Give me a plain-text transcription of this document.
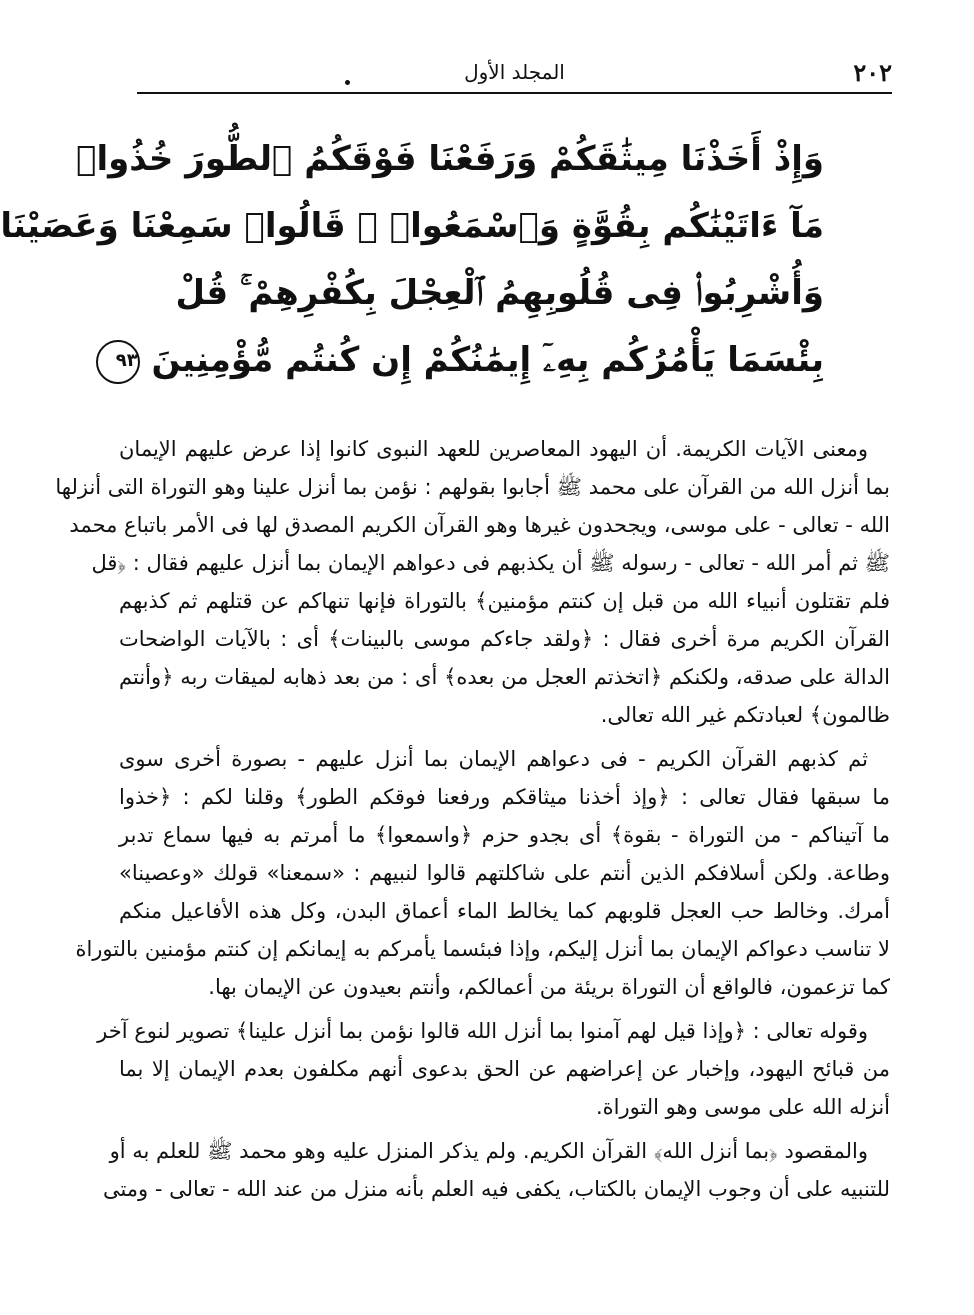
٢٠٢
المجلد الأول
وَإِذْ أَخَذْنَا مِيثَٰقَكُمْ وَرَفَعْنَا فَوْقَكُمُ ٱلطُّورَ خُذُوا۟
مَآ ءَاتَيْنَٰكُم بِقُوَّةٍ وَٱسْمَعُوا۟ ۖ قَالُوا۟ سَمِعْنَا وَعَصَيْنَا
وَأُشْرِبُوا۟ فِى قُلُوبِهِمُ ٱلْعِجْلَ بِكُفْرِهِمْ ۚ قُلْ
بِئْسَمَا يَأْمُرُكُم بِهِۦٓ إِيمَٰنُكُمْ إِن كُنتُم مُّؤْمِنِينَ ٩٣

ومعنى الآيات الكريمة. أن اليهود المعاصرين للعهد النبوى كانوا إذا عرض عليهم الإيمان
بما أنزل الله من القرآن على محمد ﷺ أجابوا بقولهم : نؤمن بما أنزل علينا وهو التوراة التى أنزلها
الله - تعالى - على موسى، ويجحدون غيرها وهو القرآن الكريم المصدق لها فى الأمر باتباع محمد
ﷺ ثم أمر الله - تعالى - رسوله ﷺ أن يكذبهم فى دعواهم الإيمان بما أنزل عليهم فقال : ﴿قل
فلم تقتلون أنبياء الله من قبل إن كنتم مؤمنين﴾ بالتوراة فإنها تنهاكم عن قتلهم ثم كذبهم
القرآن الكريم مرة أخرى فقال : ﴿ولقد جاءكم موسى بالبينات﴾ أى : بالآيات الواضحات
الدالة على صدقه، ولكنكم ﴿اتخذتم العجل من بعده﴾ أى : من بعد ذهابه لميقات ربه ﴿وأنتم
ظالمون﴾ لعبادتكم غير الله تعالى.

ثم كذبهم القرآن الكريم - فى دعواهم الإيمان بما أنزل عليهم - بصورة أخرى سوى
ما سبقها فقال تعالى : ﴿وإذ أخذنا ميثاقكم ورفعنا فوقكم الطور﴾ وقلنا لكم : ﴿خذوا
ما آتيناكم - من التوراة - بقوة﴾ أى بجدو حزم ﴿واسمعوا﴾ ما أمرتم به فيها سماع تدبر
وطاعة. ولكن أسلافكم الذين أنتم على شاكلتهم قالوا لنبيهم : «سمعنا» قولك «وعصينا»
أمرك. وخالط حب العجل قلوبهم كما يخالط الماء أعماق البدن، وكل هذه الأفاعيل منكم
لا تناسب دعواكم الإيمان بما أنزل إليكم، وإذا فبئسما يأمركم به إيمانكم إن كنتم مؤمنين بالتوراة
كما تزعمون، فالواقع أن التوراة بريئة من أعمالكم، وأنتم بعيدون عن الإيمان بها.

وقوله تعالى : ﴿وإذا قيل لهم آمنوا بما أنزل الله قالوا نؤمن بما أنزل علينا﴾ تصوير لنوع آخر
من قبائح اليهود، وإخبار عن إعراضهم عن الحق بدعوى أنهم مكلفون بعدم الإيمان إلا بما
أنزله الله على موسى وهو التوراة.

والمقصود ﴿بما أنزل الله﴾ القرآن الكريم. ولم يذكر المنزل عليه وهو محمد ﷺ للعلم به أو
للتنبيه على أن وجوب الإيمان بالكتاب، يكفى فيه العلم بأنه منزل من عند الله - تعالى - ومتى
